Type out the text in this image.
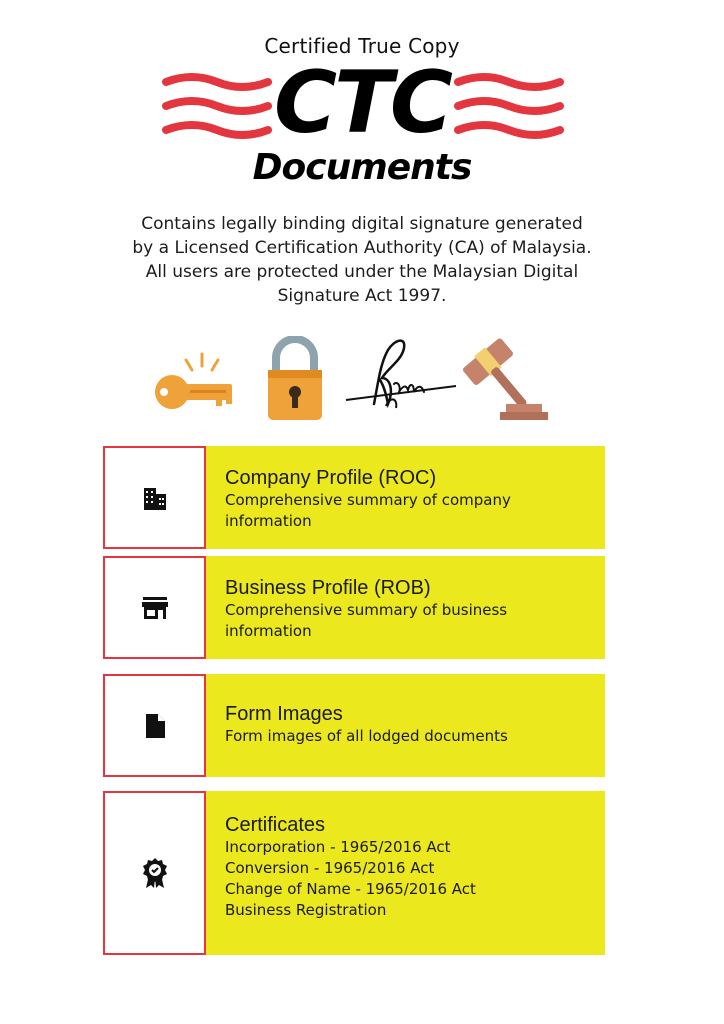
Certified True Copy
CTC
Documents
Contains legally binding digital signature generated
by a Licensed Certification Authority (CA) of Malaysia.
All users are protected under the Malaysian Digital
Signature Act 1997.
Company Profile (ROC)
Comprehensive summary of company
information
Business Profile (ROB)
Comprehensive summary of business
information
Form Images
Form images of all lodged documents
Certificates
Incorporation - 1965/2016 Act
Conversion - 1965/2016 Act
Change of Name - 1965/2016 Act
Business Registration
